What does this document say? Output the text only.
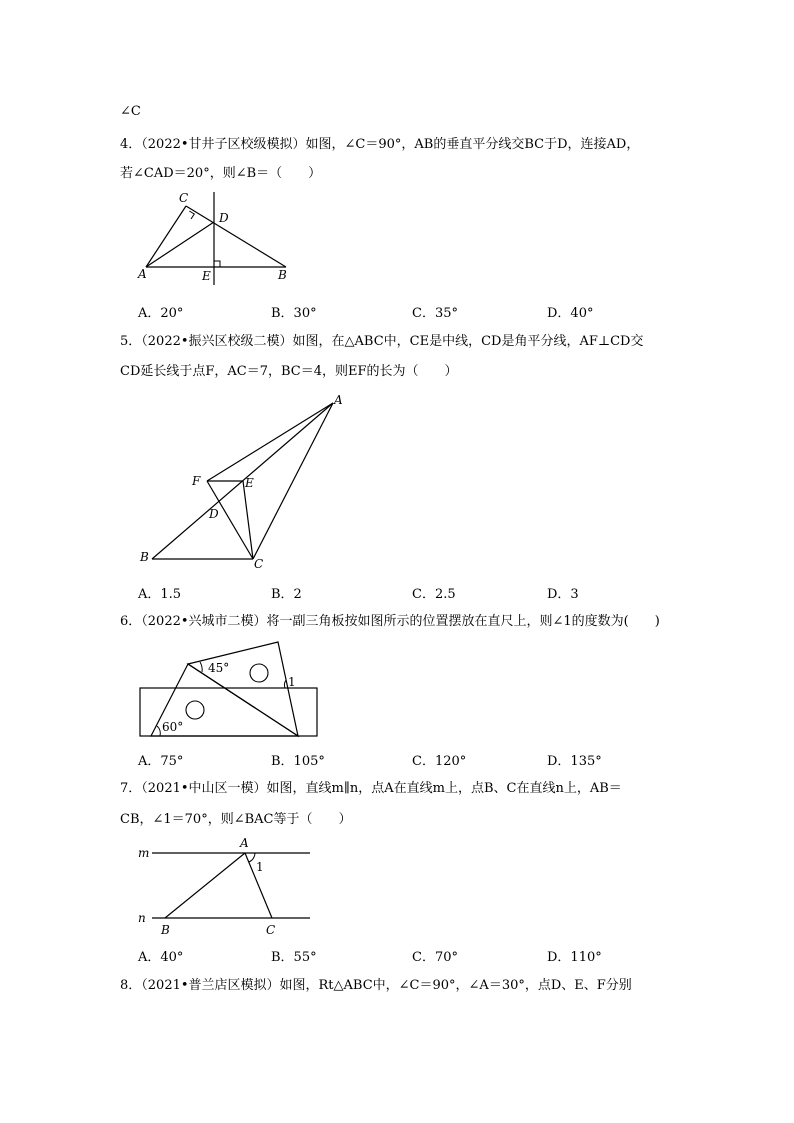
∠C
4．（2022•甘井子区校级模拟）如图，∠C＝90°，AB的垂直平分线交BC于D，连接AD，
若∠CAD＝20°，则∠B＝（　　）
C
D
A	E	B
A．20°	B．30°	C．35°	D．40°
5．（2022•振兴区校级二模）如图，在△ABC中，CE是中线，CD是角平分线，AF⊥CD交
CD延长线于点F，AC＝7，BC＝4，则EF的长为（　　）
A
F	E
D
B	C
A．1.5	B．2	C．2.5	D．3
6．（2022•兴城市二模）将一副三角板按如图所示的位置摆放在直尺上，则∠1的度数为(　　)
45°
60°
1
A．75°	B．105°	C．120°	D．135°
7．（2021•中山区一模）如图，直线m∥n，点A在直线m上，点B、C在直线n上，AB＝
CB，∠1＝70°，则∠BAC等于（　　）
m
n
A
1
B	C
A．40°	B．55°	C．70°	D．110°
8．（2021•普兰店区模拟）如图，Rt△ABC中，∠C＝90°，∠A＝30°，点D、E、F分别
